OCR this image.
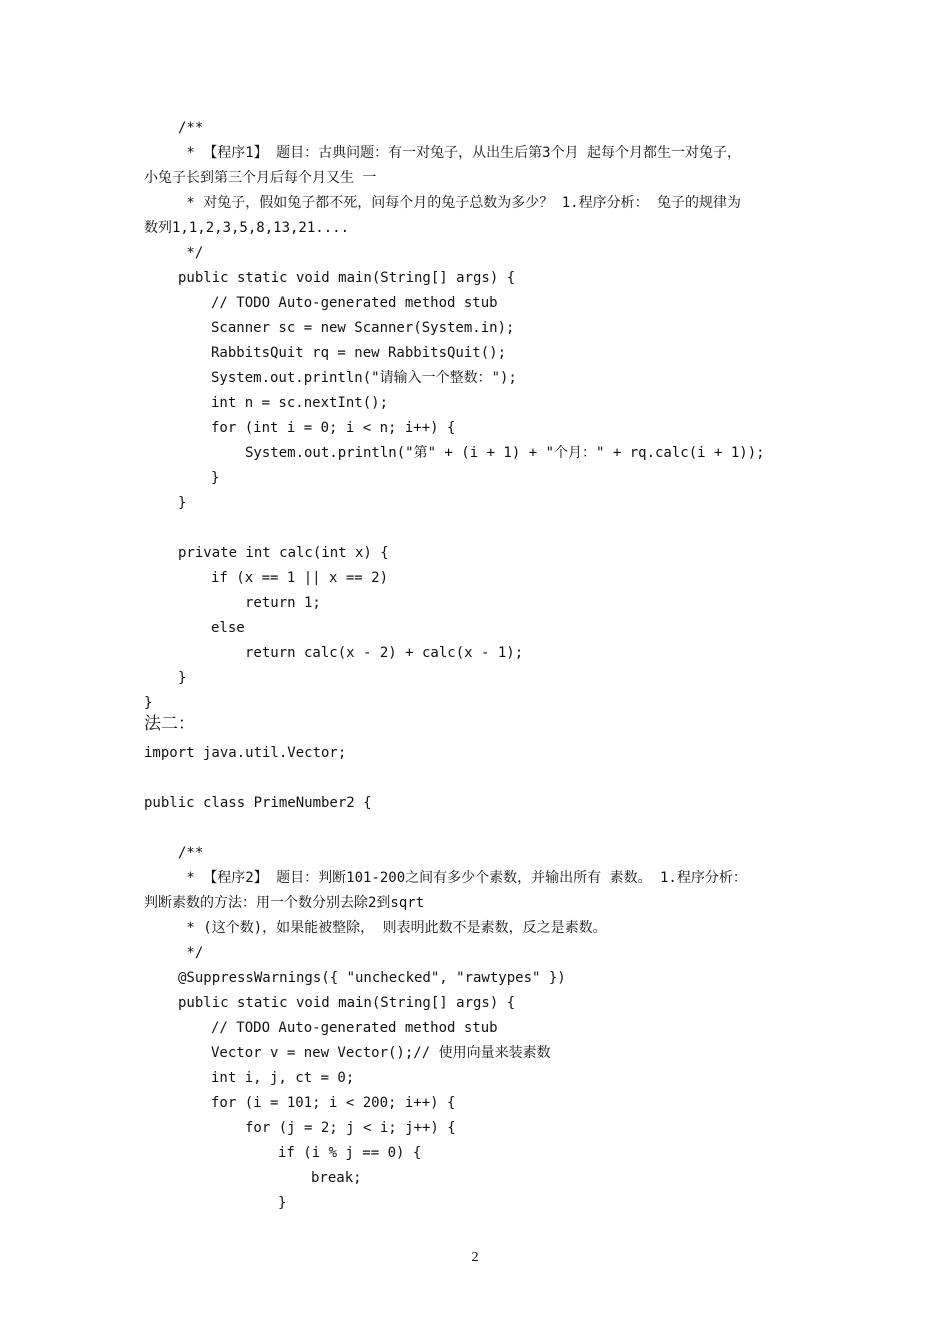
/**
* 【程序1】 题目：古典问题：有一对兔子，从出生后第3个月 起每个月都生一对兔子，
小兔子长到第三个月后每个月又生 一
* 对兔子，假如兔子都不死，问每个月的兔子总数为多少？ 1.程序分析： 兔子的规律为
数列1,1,2,3,5,8,13,21....
*/
public static void main(String[] args) {
// TODO Auto-generated method stub
Scanner sc = new Scanner(System.in);
RabbitsQuit rq = new RabbitsQuit();
System.out.println("请输入一个整数：");
int n = sc.nextInt();
for (int i = 0; i < n; i++) {
System.out.println("第" + (i + 1) + "个月：" + rq.calc(i + 1));
}
}
private int calc(int x) {
if (x == 1 || x == 2)
return 1;
else
return calc(x - 2) + calc(x - 1);
}
}
法二：
import java.util.Vector;
public class PrimeNumber2 {
/**
* 【程序2】 题目：判断101-200之间有多少个素数，并输出所有 素数。 1.程序分析：
判断素数的方法：用一个数分别去除2到sqrt
* (这个数)，如果能被整除， 则表明此数不是素数，反之是素数。
*/
@SuppressWarnings({ "unchecked", "rawtypes" })
public static void main(String[] args) {
// TODO Auto-generated method stub
Vector v = new Vector();// 使用向量来装素数
int i, j, ct = 0;
for (i = 101; i < 200; i++) {
for (j = 2; j < i; j++) {
if (i % j == 0) {
break;
}
2
